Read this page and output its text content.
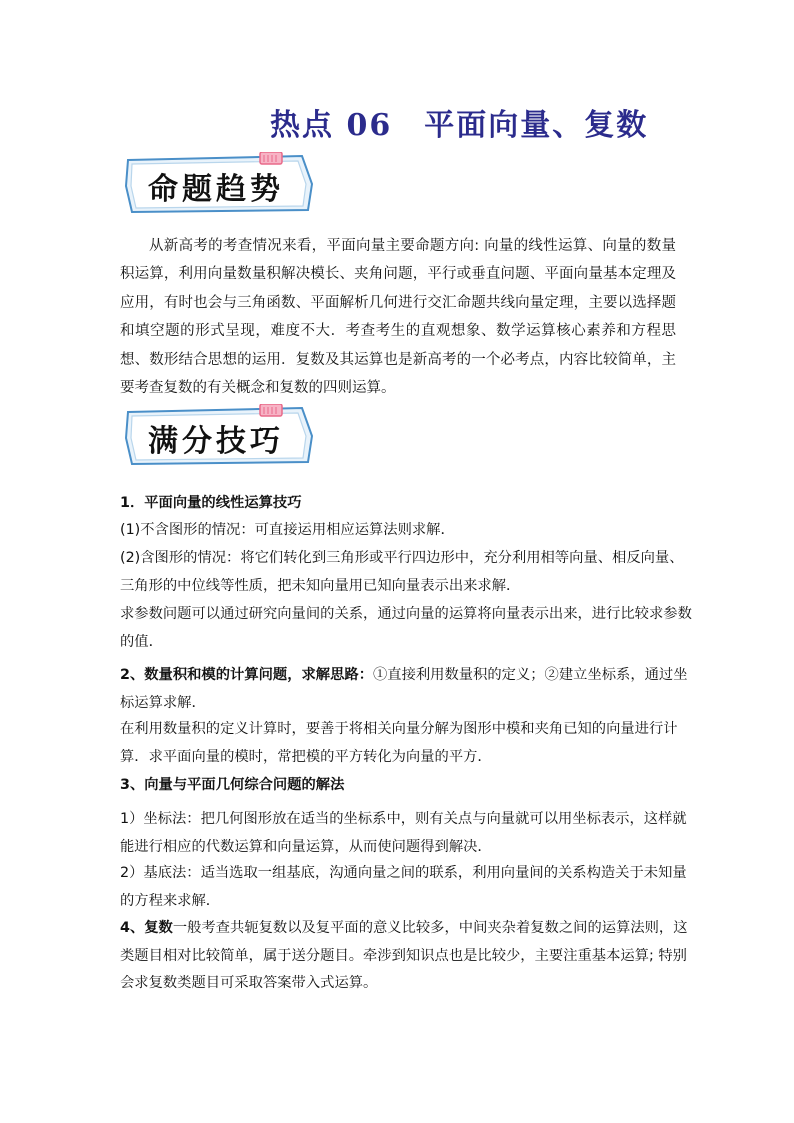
热点 06　平面向量、复数
命题趋势
从新高考的考查情况来看，平面向量主要命题方向: 向量的线性运算、向量的数量积运算，利用向量数量积解决模长、夹角问题，平行或垂直问题、平面向量基本定理及应用，有时也会与三角函数、平面解析几何进行交汇命题共线向量定理，主要以选择题和填空题的形式呈现，难度不大．考查考生的直观想象、数学运算核心素养和方程思想、数形结合思想的运用．复数及其运算也是新高考的一个必考点，内容比较简单，主要考查复数的有关概念和复数的四则运算。
满分技巧
1．平面向量的线性运算技巧
(1)不含图形的情况：可直接运用相应运算法则求解．
(2)含图形的情况：将它们转化到三角形或平行四边形中，充分利用相等向量、相反向量、
三角形的中位线等性质，把未知向量用已知向量表示出来求解．
求参数问题可以通过研究向量间的关系，通过向量的运算将向量表示出来，进行比较求参数
的值．
2、数量积和模的计算问题，求解思路：①直接利用数量积的定义；②建立坐标系，通过坐
标运算求解．
在利用数量积的定义计算时，要善于将相关向量分解为图形中模和夹角已知的向量进行计
算．求平面向量的模时，常把模的平方转化为向量的平方．
3、向量与平面几何综合问题的解法
1）坐标法：把几何图形放在适当的坐标系中，则有关点与向量就可以用坐标表示，这样就
能进行相应的代数运算和向量运算，从而使问题得到解决．
2）基底法：适当选取一组基底，沟通向量之间的联系，利用向量间的关系构造关于未知量
的方程来求解．
4、复数一般考查共轭复数以及复平面的意义比较多，中间夹杂着复数之间的运算法则，这
类题目相对比较简单，属于送分题目。牵涉到知识点也是比较少，主要注重基本运算; 特别
会求复数类题目可采取答案带入式运算。
